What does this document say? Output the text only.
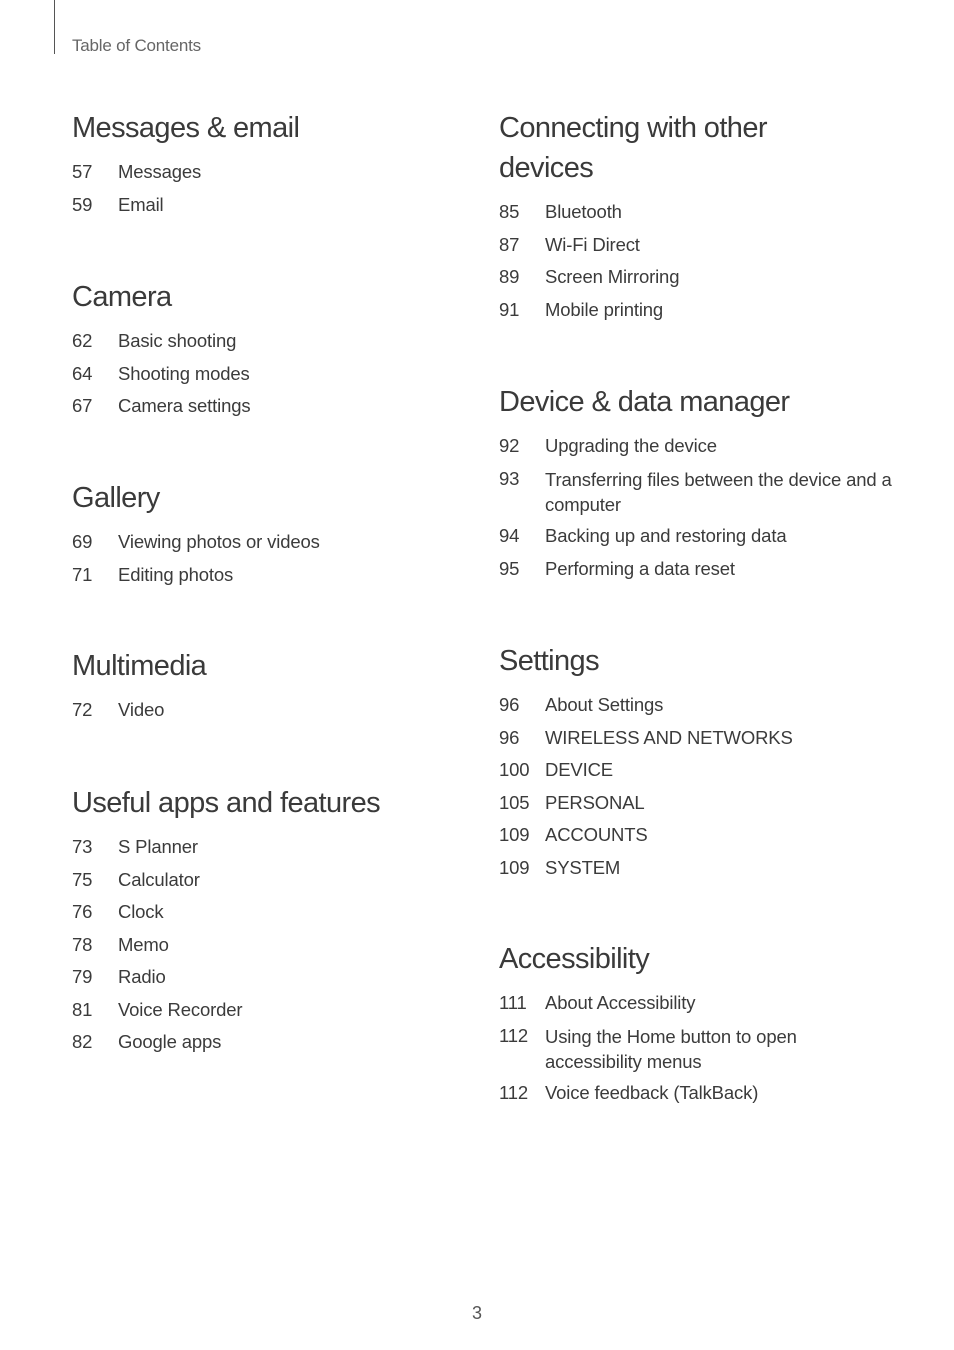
Table of Contents
Messages & email
57	Messages
59	Email
Camera
62	Basic shooting
64	Shooting modes
67	Camera settings
Gallery
69	Viewing photos or videos
71	Editing photos
Multimedia
72	Video
Useful apps and features
73	S Planner
75	Calculator
76	Clock
78	Memo
79	Radio
81	Voice Recorder
82	Google apps
Connecting with other devices
85	Bluetooth
87	Wi-Fi Direct
89	Screen Mirroring
91	Mobile printing
Device & data manager
92	Upgrading the device
93	Transferring files between the device and a computer
94	Backing up and restoring data
95	Performing a data reset
Settings
96	About Settings
96	WIRELESS AND NETWORKS
100 DEVICE
105 PERSONAL
109 ACCOUNTS
109 SYSTEM
Accessibility
111 About Accessibility
112 Using the Home button to open accessibility menus
112 Voice feedback (TalkBack)
3
